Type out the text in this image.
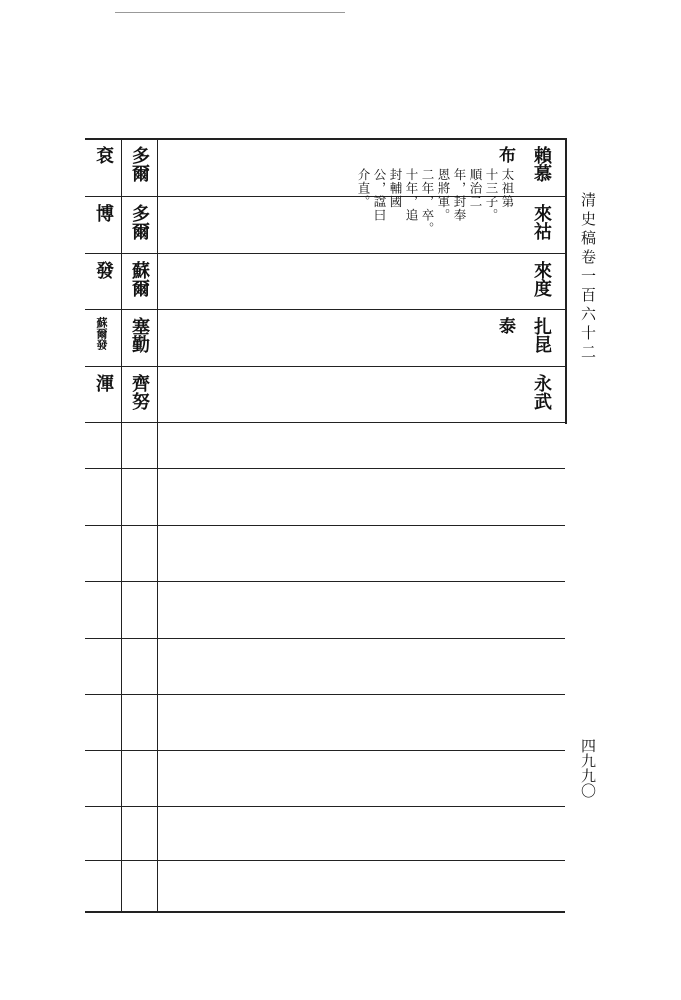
清史稿卷一百六十二
四九九〇
賴慕
來祜
來度
扎昆
永武
布
太祖第
十三子。
順治二
年，封奉
恩將軍。
二年，卒。
十年，追
封輔國
公，諡曰
介直。
泰
多爾
多爾
蘇爾
塞勤
齊努
袞
博
發
蘇爾發
渾
